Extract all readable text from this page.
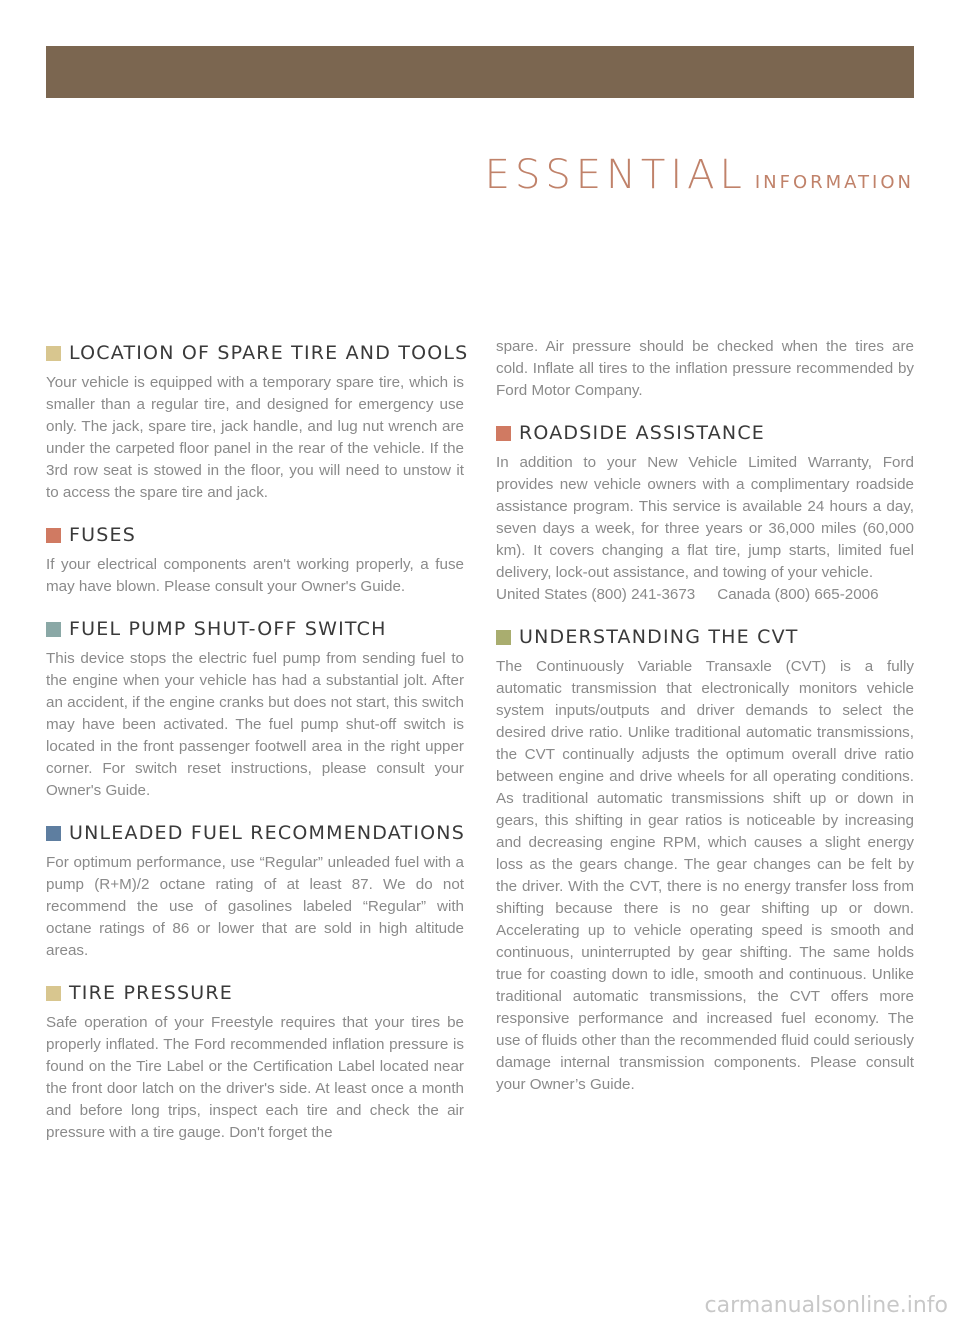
ESSENTIAL INFORMATION
LOCATION OF SPARE TIRE AND TOOLS

Your vehicle is equipped with a temporary spare tire, which is smaller than a regular tire, and designed for emergency use only. The jack, spare tire, jack handle, and lug nut wrench are under the carpeted floor panel in the rear of the vehicle. If the 3rd row seat is stowed in the floor, you will need to unstow it to access the spare tire and jack.

FUSES

If your electrical components aren't working properly, a fuse may have blown. Please consult your Owner's Guide.

FUEL PUMP SHUT-OFF SWITCH

This device stops the electric fuel pump from sending fuel to the engine when your vehicle has had a substantial jolt. After an accident, if the engine cranks but does not start, this switch may have been activated. The fuel pump shut-off switch is located in the front passenger footwell area in the right upper corner. For switch reset instructions, please consult your Owner's Guide.

UNLEADED FUEL RECOMMENDATIONS

For optimum performance, use “Regular” unleaded fuel with a pump (R+M)/2 octane rating of at least 87. We do not recommend the use of gasolines labeled “Regular” with octane ratings of 86 or lower that are sold in high altitude areas.

TIRE PRESSURE

Safe operation of your Freestyle requires that your tires be properly inflated. The Ford recommended inflation pressure is found on the Tire Label or the Certification Label located near the front door latch on the driver's side. At least once a month and before long trips, inspect each tire and check the air pressure with a tire gauge. Don't forget the

spare. Air pressure should be checked when the tires are cold. Inflate all tires to the inflation pressure recommended by Ford Motor Company.

ROADSIDE ASSISTANCE

In addition to your New Vehicle Limited Warranty, Ford provides new vehicle owners with a complimentary roadside assistance program. This service is available 24 hours a day, seven days a week, for three years or 36,000 miles (60,000 km). It covers changing a flat tire, jump starts, limited fuel delivery, lock-out assistance, and towing of your vehicle.

United States (800) 241-3673 Canada (800) 665-2006

UNDERSTANDING THE CVT

The Continuously Variable Transaxle (CVT) is a fully automatic transmission that electronically monitors vehicle system inputs/outputs and driver demands to select the desired drive ratio. Unlike traditional automatic transmissions, the CVT continually adjusts the optimum overall drive ratio between engine and drive wheels for all operating conditions. As traditional automatic transmissions shift up or down in gears, this shifting in gear ratios is noticeable by increasing and decreasing engine RPM, which causes a slight energy loss as the gears change. The gear changes can be felt by the driver. With the CVT, there is no energy transfer loss from shifting because there is no gear shifting up or down. Accelerating up to vehicle operating speed is smooth and continuous, uninterrupted by gear shifting. The same holds true for coasting down to idle, smooth and continuous. Unlike traditional automatic transmissions, the CVT offers more responsive performance and increased fuel economy. The use of fluids other than the recommended fluid could seriously damage internal transmission components. Please consult your Owner’s Guide.

carmanualsonline.info
